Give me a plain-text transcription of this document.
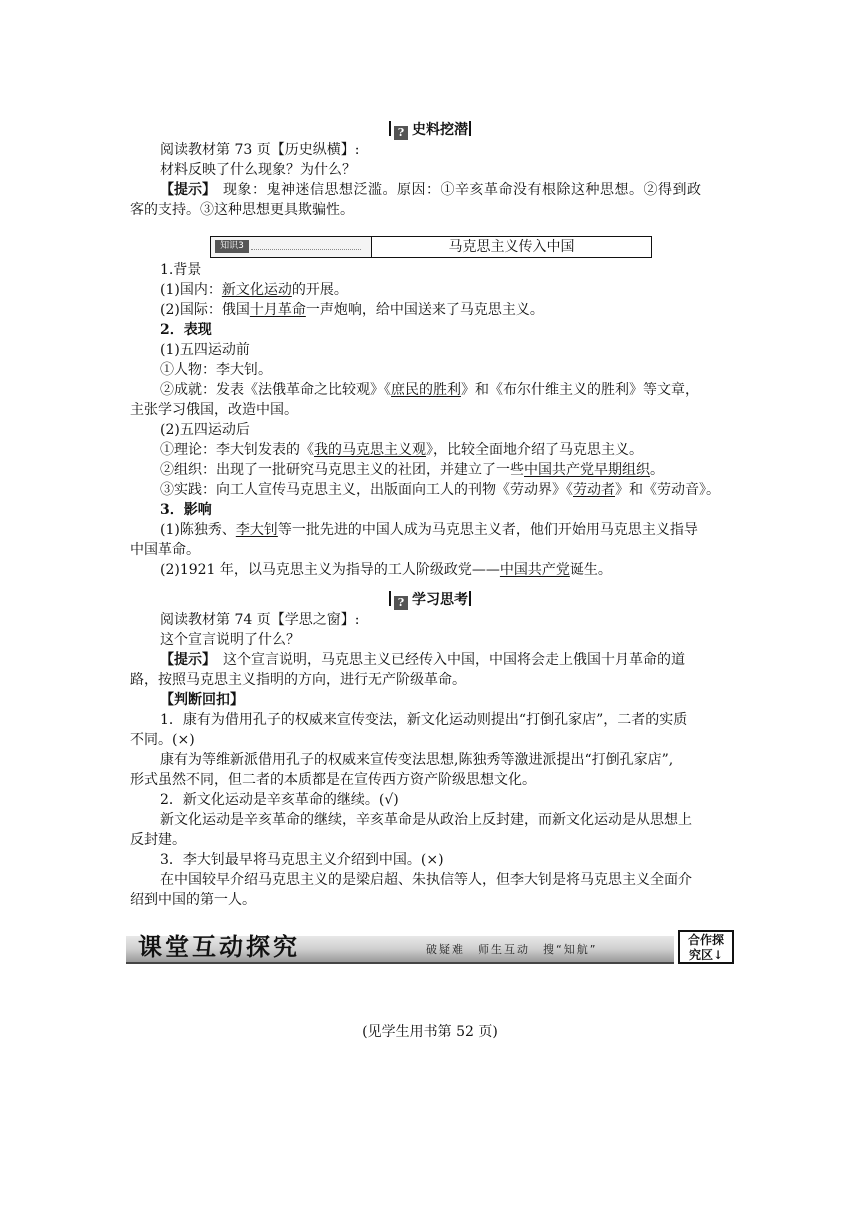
? 史料挖潜
阅读教材第 73 页【历史纵横】:
材料反映了什么现象？为什么？
【提示】　 现象：鬼神迷信思想泛滥。原因：①辛亥革命没有根除这种思想。②得到政
客的支持。③这种思想更具欺骗性。
知识3	马克思主义传入中国
1.背景
(1)国内：新文化运动的开展。
(2)国际：俄国十月革命一声炮响，给中国送来了马克思主义。
2．表现
(1)五四运动前
①人物：李大钊。
②成就：发表《法俄革命之比较观》《庶民的胜利》和《布尔什维主义的胜利》等文章，
主张学习俄国，改造中国。
(2)五四运动后
①理论：李大钊发表的《我的马克思主义观》，比较全面地介绍了马克思主义。
②组织：出现了一批研究马克思主义的社团，并建立了一些中国共产党早期组织。
③实践：向工人宣传马克思主义，出版面向工人的刊物《劳动界》《劳动者》和《劳动音》。
3．影响
(1)陈独秀、李大钊等一批先进的中国人成为马克思主义者，他们开始用马克思主义指导
中国革命。
(2)1921 年，以马克思主义为指导的工人阶级政党——中国共产党诞生。
? 学习思考
阅读教材第 74 页【学思之窗】:
这个宣言说明了什么？
【提示】　 这个宣言说明，马克思主义已经传入中国，中国将会走上俄国十月革命的道
路，按照马克思主义指明的方向，进行无产阶级革命。
【判断回扣】
1．康有为借用孔子的权威来宣传变法，新文化运动则提出“打倒孔家店”，二者的实质
不同。(×)
康有为等维新派借用孔子的权威来宣传变法思想,陈独秀等激进派提出“打倒孔家店”,
形式虽然不同，但二者的本质都是在宣传西方资产阶级思想文化。
2．新文化运动是辛亥革命的继续。(√)
新文化运动是辛亥革命的继续，辛亥革命是从政治上反封建，而新文化运动是从思想上
反封建。
3．李大钊最早将马克思主义介绍到中国。(×)
在中国较早介绍马克思主义的是梁启超、朱执信等人，但李大钊是将马克思主义全面介
绍到中国的第一人。
课堂互动探究	破疑难　师生互动　搜“知航”
合作探
究区↓
(见学生用书第 52 页)
